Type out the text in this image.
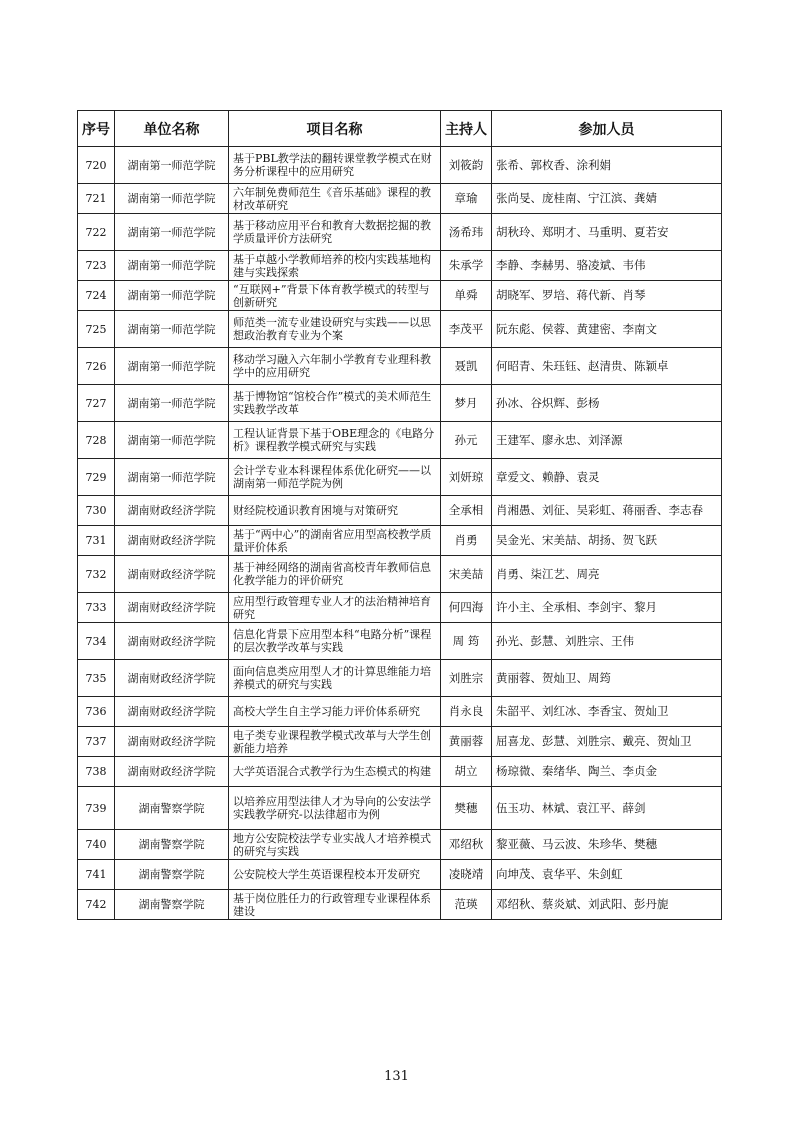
序号	单位名称	项目名称	主持人	参加人员
720	湖南第一师范学院	基于PBL教学法的翻转课堂教学模式在财务分析课程中的应用研究	刘筱韵	张希、郭枚香、涂利娟
721	湖南第一师范学院	六年制免费师范生《音乐基础》课程的教材改革研究	章瑜	张尚旻、庞桂南、宁江滨、龚婧
722	湖南第一师范学院	基于移动应用平台和教育大数据挖掘的教学质量评价方法研究	汤希玮	胡秋玲、郑明才、马重明、夏若安
723	湖南第一师范学院	基于卓越小学教师培养的校内实践基地构建与实践探索	朱承学	李静、李赫男、骆凌斌、韦伟
724	湖南第一师范学院	“互联网+”背景下体育教学模式的转型与创新研究	单舜	胡晓军、罗培、蒋代新、肖琴
725	湖南第一师范学院	师范类一流专业建设研究与实践——以思想政治教育专业为个案	李茂平	阮东彪、侯蓉、黄建密、李南文
726	湖南第一师范学院	移动学习融入六年制小学教育专业理科教学中的应用研究	聂凯	何昭青、朱珏钰、赵清贵、陈颖卓
727	湖南第一师范学院	基于博物馆“馆校合作”模式的美术师范生实践教学改革	梦月	孙冰、谷炽辉、彭杨
728	湖南第一师范学院	工程认证背景下基于OBE理念的《电路分析》课程教学模式研究与实践	孙元	王建军、廖永忠、刘泽源
729	湖南第一师范学院	会计学专业本科课程体系优化研究——以湖南第一师范学院为例	刘妍琼	章爱文、赖静、袁灵
730	湖南财政经济学院	财经院校通识教育困境与对策研究	全承相	肖湘愚、刘征、吴彩虹、蒋丽香、李志春
731	湖南财政经济学院	基于“两中心”的湖南省应用型高校教学质量评价体系	肖勇	吴金光、宋美喆、胡扬、贺飞跃
732	湖南财政经济学院	基于神经网络的湖南省高校青年教师信息化教学能力的评价研究	宋美喆	肖勇、柒江艺、周亮
733	湖南财政经济学院	应用型行政管理专业人才的法治精神培育研究	何四海	许小主、全承相、李剑宇、黎月
734	湖南财政经济学院	信息化背景下应用型本科“电路分析”课程的层次教学改革与实践	周 筠	孙光、彭慧、刘胜宗、王伟
735	湖南财政经济学院	面向信息类应用型人才的计算思维能力培养模式的研究与实践	刘胜宗	黄丽蓉、贺灿卫、周筠
736	湖南财政经济学院	高校大学生自主学习能力评价体系研究	肖永良	朱韶平、刘红冰、李香宝、贺灿卫
737	湖南财政经济学院	电子类专业课程教学模式改革与大学生创新能力培养	黄丽蓉	屈喜龙、彭慧、刘胜宗、戴亮、贺灿卫
738	湖南财政经济学院	大学英语混合式教学行为生态模式的构建	胡立	杨琼微、秦绪华、陶兰、李贞金
739	湖南警察学院	以培养应用型法律人才为导向的公安法学实践教学研究-以法律超市为例	樊穗	伍玉功、林斌、袁江平、薛剑
740	湖南警察学院	地方公安院校法学专业实战人才培养模式的研究与实践	邓绍秋	黎亚薇、马云波、朱珍华、樊穗
741	湖南警察学院	公安院校大学生英语课程校本开发研究	凌晓靖	向坤茂、袁华平、朱剑虹
742	湖南警察学院	基于岗位胜任力的行政管理专业课程体系建设	范瑛	邓绍秋、蔡炎斌、刘武阳、彭丹旎
131
